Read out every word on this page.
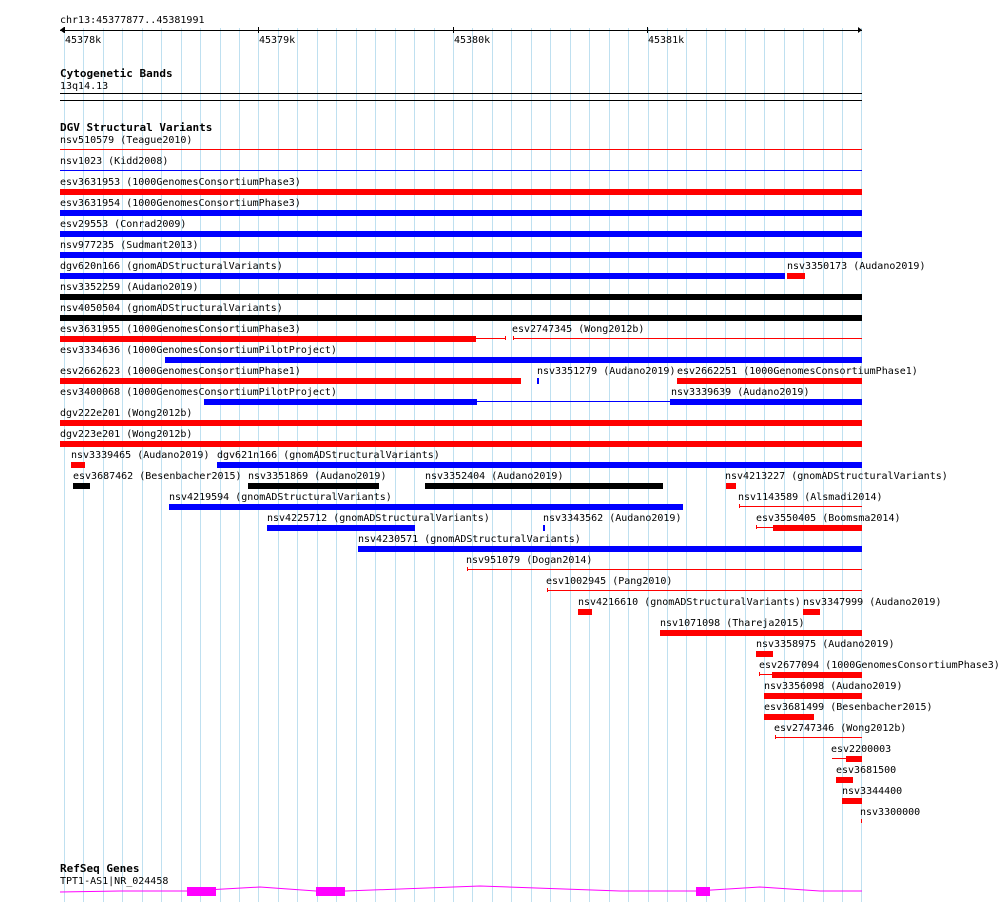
chr13:45377877..45381991
45378k	45379k	45380k	45381k
Cytogenetic Bands
13q14.13
DGV Structural Variants
nsv510579 (Teague2010)
nsv1023 (Kidd2008)
esv3631953 (1000GenomesConsortiumPhase3)
esv3631954 (1000GenomesConsortiumPhase3)
esv29553 (Conrad2009)
nsv977235 (Sudmant2013)
dgv620n166 (gnomADStructuralVariants)	nsv3350173 (Audano2019)
nsv3352259 (Audano2019)
nsv4050504 (gnomADStructuralVariants)
esv3631955 (1000GenomesConsortiumPhase3)	esv2747345 (Wong2012b)
esv3334636 (1000GenomesConsortiumPilotProject)
esv2662623 (1000GenomesConsortiumPhase1)	nsv3351279 (Audano2019) esv2662251 (1000GenomesConsortiumPhase1)
esv3400068 (1000GenomesConsortiumPilotProject)	nsv3339639 (Audano2019)
dgv222e201 (Wong2012b)
dgv223e201 (Wong2012b)
nsv3339465 (Audano2019) dgv621n166 (gnomADStructuralVariants)
esv3687462 (Besenbacher2015) nsv3351869 (Audano2019)	nsv3352404 (Audano2019)	nsv4213227 (gnomADStructuralVariants)
nsv4219594 (gnomADStructuralVariants)	nsv1143589 (Alsmadi2014)
nsv4225712 (gnomADStructuralVariants)	nsv3343562 (Audano2019)	esv3550405 (Boomsma2014)
nsv4230571 (gnomADStructuralVariants)
nsv951079 (Dogan2014)
esv1002945 (Pang2010)
nsv4216610 (gnomADStructuralVariants) nsv3347999 (Audano2019)
nsv1071098 (Thareja2015)
nsv3358975 (Audano2019)
esv2677094 (1000GenomesConsortiumPhase3)
nsv3356098 (Audano2019)
esv3681499 (Besenbacher2015)
esv2747346 (Wong2012b)
esv2200003
esv3681500
nsv3344400
nsv3300000
RefSeq Genes
TPT1-AS1|NR_024458
